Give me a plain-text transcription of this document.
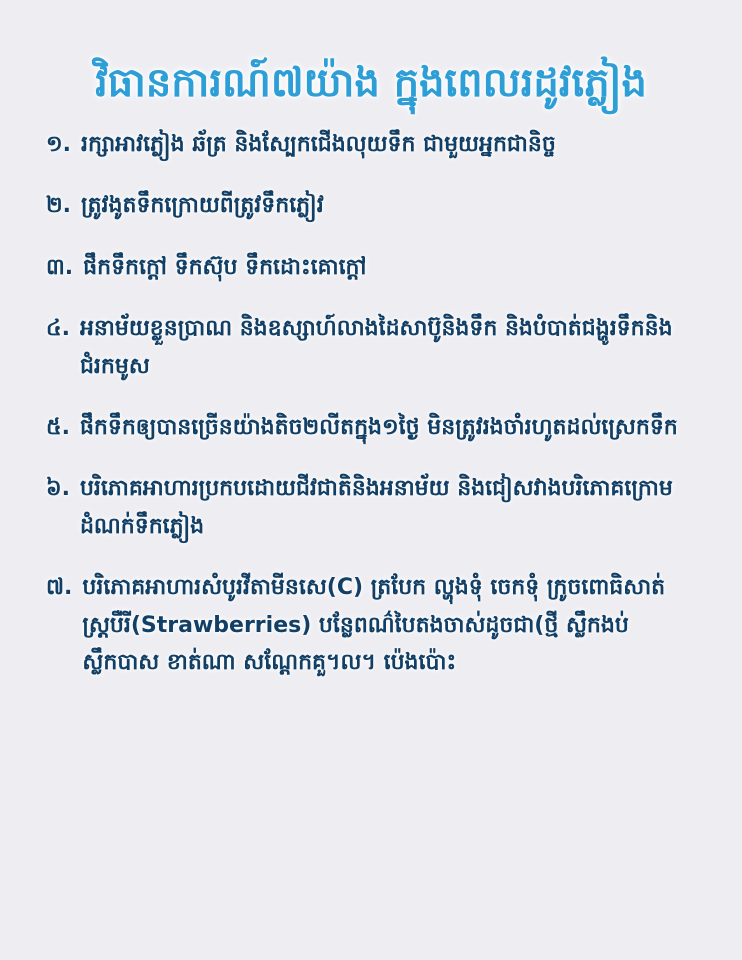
វិធានការណ៍៧យ៉ាង ក្នុងពេលរដូវភ្លៀង
១. រក្សាអាវភ្លៀង ឆ័ត្រ និងស្បែកជើងលុយទឹក ជាមួយអ្នកជានិច្ច
២. ត្រូវងូតទឹកក្រោយពីត្រូវទឹកភ្លៀវ
៣. ផឹកទឹកក្តៅ ទឹកស៊ុប ទឹកដោះគោក្តៅ
៤. អនាម័យខ្លួនប្រាណ និងឧស្សាហ៍លាងដៃសាប៊ូនិងទឹក និងបំបាត់ជង្ហូរទឹកនិងជំរកមូស
៥. ផឹកទឹកឲ្យបានច្រើនយ៉ាងតិច២លីតក្នុង១ថ្ងៃ មិនត្រូវរងចាំរហូតដល់ស្រេកទឹក
៦. បរិភោគអាហារប្រកបដោយជីវជាតិនិងអនាម័យ និងជៀសវាងបរិភោគក្រោមដំណក់ទឹកភ្លៀង
៧. បរិភោគអាហារសំបូរវីតាមីនសេ(C) ត្របែក ល្ហុងទុំ ចេកទុំ ក្រូចពោធិសាត់ ស្ត្របឺរី(Strawberries) បន្លែពណ៌បៃតងចាស់ដូចជា(ថ្មី ស្លឹកងប់ ស្លឹកបាស ខាត់ណា សណ្តែកគួ។ល។ ប៉េងប៉ោះ
